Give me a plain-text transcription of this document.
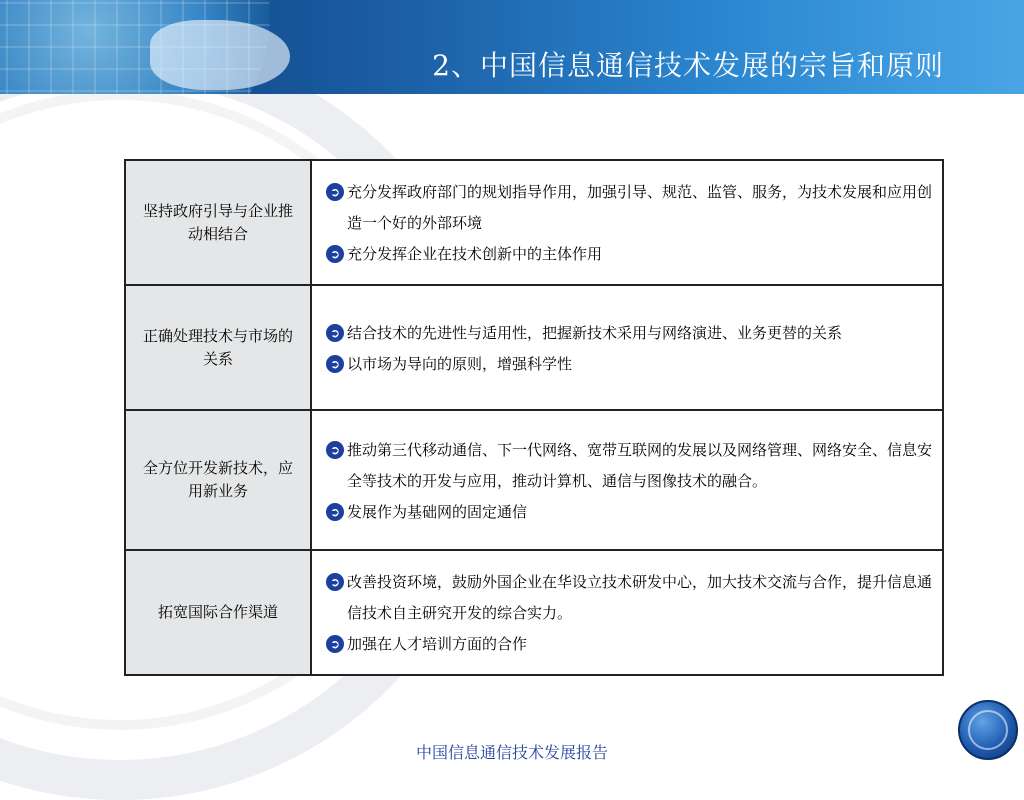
2、中国信息通信技术发展的宗旨和原则
坚持政府引导与企业推动相结合	➲ 充分发挥政府部门的规划指导作用，加强引导、规范、监管、服务，为技术发展和应用创造一个好的外部环境
➲ 充分发挥企业在技术创新中的主体作用

正确处理技术与市场的关系	➲ 结合技术的先进性与适用性，把握新技术采用与网络演进、业务更替的关系
➲ 以市场为导向的原则，增强科学性

全方位开发新技术，应用新业务	➲ 推动第三代移动通信、下一代网络、宽带互联网的发展以及网络管理、网络安全、信息安全等技术的开发与应用，推动计算机、通信与图像技术的融合。
➲ 发展作为基础网的固定通信

拓宽国际合作渠道	➲ 改善投资环境，鼓励外国企业在华设立技术研发中心，加大技术交流与合作，提升信息通信技术自主研究开发的综合实力。
➲ 加强在人才培训方面的合作
中国信息通信技术发展报告
